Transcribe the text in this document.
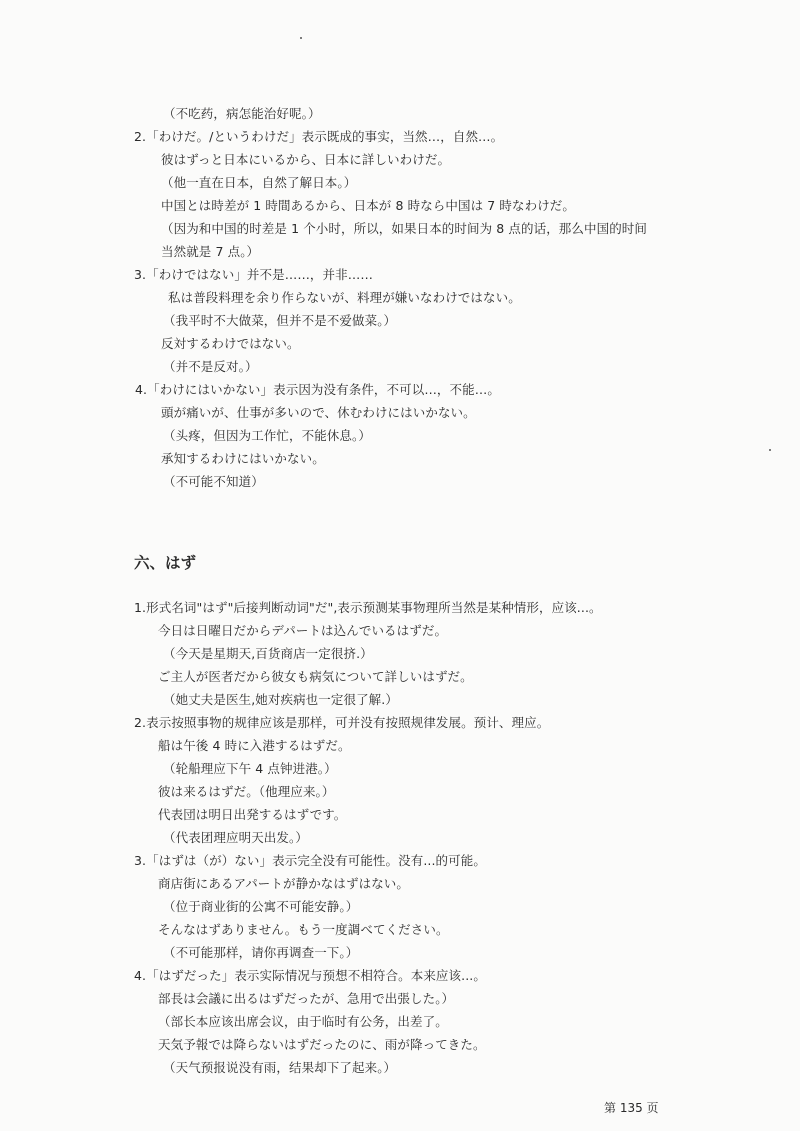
（不吃药，病怎能治好呢。）
2.「わけだ。/というわけだ」表示既成的事实，当然…，自然…。
彼はずっと日本にいるから、日本に詳しいわけだ。
（他一直在日本，自然了解日本。）
中国とは時差が 1 時間あるから、日本が 8 時なら中国は 7 時なわけだ。
（因为和中国的时差是 1 个小时，所以，如果日本的时间为 8 点的话，那么中国的时间
当然就是 7 点。）
3.「わけではない」并不是……，并非……
私は普段料理を余り作らないが、料理が嫌いなわけではない。
（我平时不大做菜，但并不是不爱做菜。）
反対するわけではない。
（并不是反对。）
4.「わけにはいかない」表示因为没有条件，不可以…，不能…。
頭が痛いが、仕事が多いので、休むわけにはいかない。
（头疼，但因为工作忙，不能休息。）
承知するわけにはいかない。
（不可能不知道）
六、はず
1.形式名词"はず"后接判断动词"だ",表示预测某事物理所当然是某种情形，应该...。
今日は日曜日だからデパートは込んでいるはずだ。
（今天是星期天,百货商店一定很挤.）
ご主人が医者だから彼女も病気について詳しいはずだ。
（她丈夫是医生,她对疾病也一定很了解.）
2.表示按照事物的规律应该是那样，可并没有按照规律发展。预计、理应。
船は午後 4 時に入港するはずだ。
（轮船理应下午 4 点钟进港。）
彼は来るはずだ。（他理应来。）
代表団は明日出発するはずです。
（代表团理应明天出发。）
3.「はずは（が）ない」表示完全没有可能性。没有...的可能。
商店街にあるアパートが静かなはずはない。
（位于商业街的公寓不可能安静。）
そんなはずありません。もう一度調べてください。
（不可能那样，请你再调查一下。）
4.「はずだった」表示实际情况与预想不相符合。本来应该...。
部長は会議に出るはずだったが、急用で出張した。）
（部长本应该出席会议，由于临时有公务，出差了。
天気予報では降らないはずだったのに、雨が降ってきた。
（天气预报说没有雨，结果却下了起来。）
第 135 页
